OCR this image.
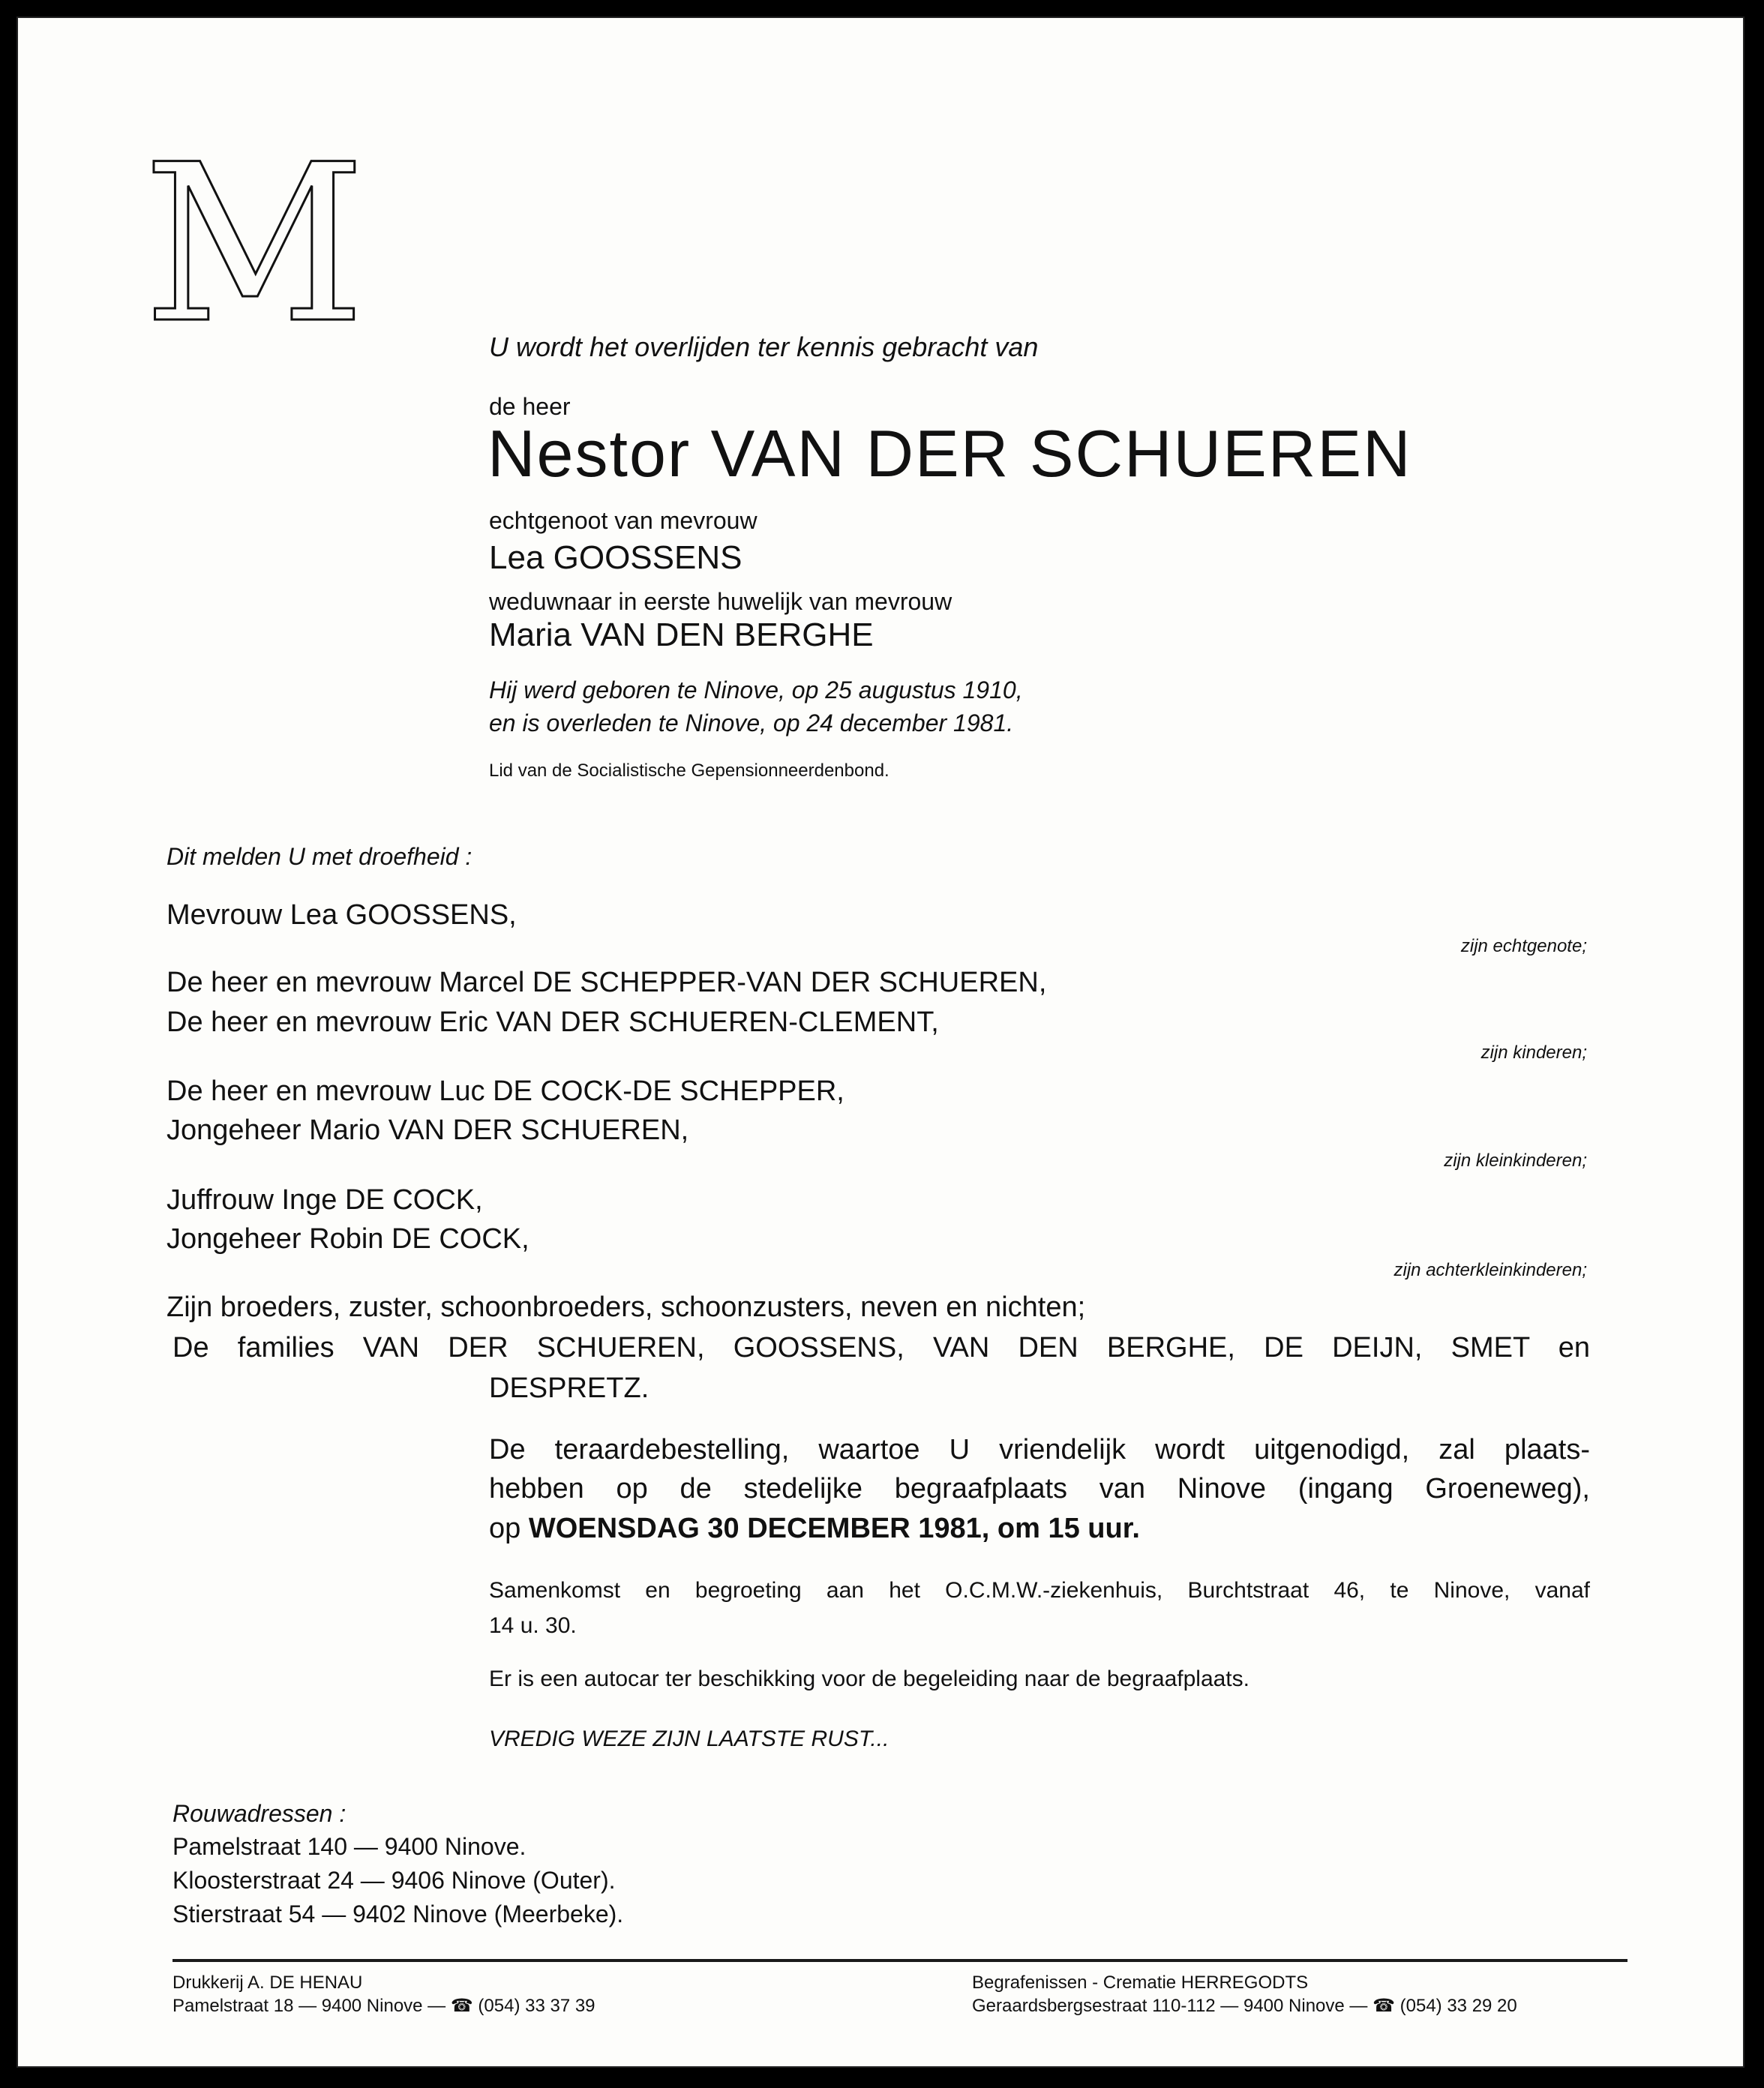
M	U wordt het overlijden ter kennis gebracht van
de heer
Nestor VAN DER SCHUEREN
echtgenoot van mevrouw
Lea GOOSSENS
weduwnaar in eerste huwelijk van mevrouw
Maria VAN DEN BERGHE
Hij werd geboren te Ninove, op 25 augustus 1910,
en is overleden te Ninove, op 24 december 1981.
Lid van de Socialistische Gepensionneerdenbond.
Dit melden U met droefheid :
Mevrouw Lea GOOSSENS,
zijn echtgenote;
De heer en mevrouw Marcel DE SCHEPPER-VAN DER SCHUEREN,
De heer en mevrouw Eric VAN DER SCHUEREN-CLEMENT,
zijn kinderen;
De heer en mevrouw Luc DE COCK-DE SCHEPPER,
Jongeheer Mario VAN DER SCHUEREN,
zijn kleinkinderen;
Juffrouw Inge DE COCK,
Jongeheer Robin DE COCK,
zijn achterkleinkinderen;
Zijn broeders, zuster, schoonbroeders, schoonzusters, neven en nichten;
De families VAN DER SCHUEREN, GOOSSENS, VAN DEN BERGHE, DE DEIJN, SMET en
DESPRETZ.
De teraardebestelling, waartoe U vriendelijk wordt uitgenodigd, zal plaats-
hebben op de stedelijke begraafplaats van Ninove (ingang Groeneweg),
op WOENSDAG 30 DECEMBER 1981, om 15 uur.
Samenkomst en begroeting aan het O.C.M.W.-ziekenhuis, Burchtstraat 46, te Ninove, vanaf
14 u. 30.
Er is een autocar ter beschikking voor de begeleiding naar de begraafplaats.
VREDIG WEZE ZIJN LAATSTE RUST...
Rouwadressen :
Pamelstraat 140 — 9400 Ninove.
Kloosterstraat 24 — 9406 Ninove (Outer).
Stierstraat 54 — 9402 Ninove (Meerbeke).
Drukkerij A. DE HENAU
Pamelstraat 18 — 9400 Ninove — ☎ (054) 33 37 39
Begrafenissen - Crematie HERREGODTS
Geraardsbergsestraat 110-112 — 9400 Ninove — ☎ (054) 33 29 20
